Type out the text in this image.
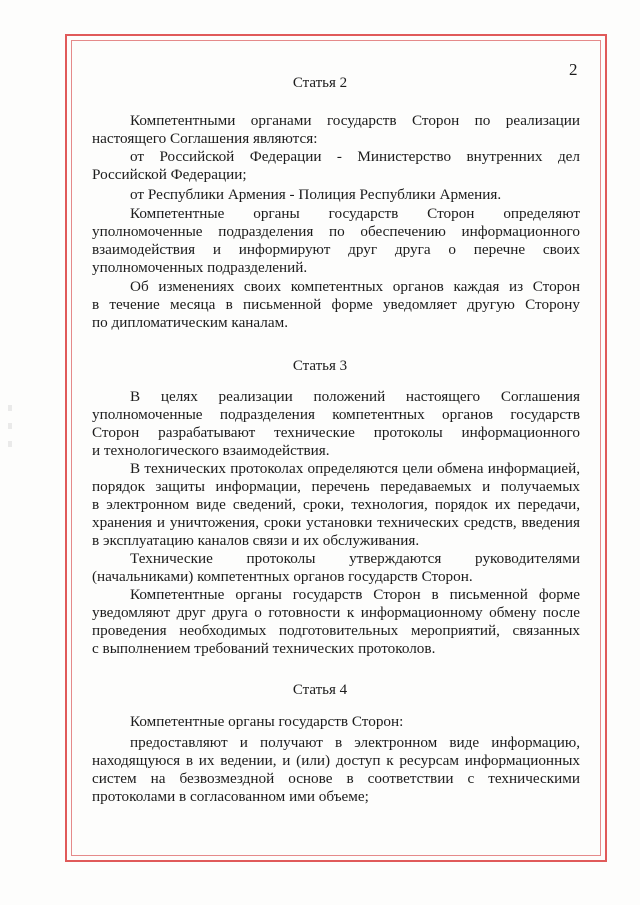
2
Статья 2
Компетентными органами государств Сторон по реализации
настоящего Соглашения являются:
от Российской Федерации - Министерство внутренних дел
Российской Федерации;
от Республики Армения - Полиция Республики Армения.
Компетентные органы государств Сторон определяют
уполномоченные подразделения по обеспечению информационного
взаимодействия и информируют друг друга о перечне своих
уполномоченных подразделений.
Об изменениях своих компетентных органов каждая из Сторон
в течение месяца в письменной форме уведомляет другую Сторону
по дипломатическим каналам.
Статья 3
В целях реализации положений настоящего Соглашения
уполномоченные подразделения компетентных органов государств
Сторон разрабатывают технические протоколы информационного
и технологического взаимодействия.
В технических протоколах определяются цели обмена информацией,
порядок защиты информации, перечень передаваемых и получаемых
в электронном виде сведений, сроки, технология, порядок их передачи,
хранения и уничтожения, сроки установки технических средств, введения
в эксплуатацию каналов связи и их обслуживания.
Технические протоколы утверждаются руководителями
(начальниками) компетентных органов государств Сторон.
Компетентные органы государств Сторон в письменной форме
уведомляют друг друга о готовности к информационному обмену после
проведения необходимых подготовительных мероприятий, связанных
с выполнением требований технических протоколов.
Статья 4
Компетентные органы государств Сторон:
предоставляют и получают в электронном виде информацию,
находящуюся в их ведении, и (или) доступ к ресурсам информационных
систем на безвозмездной основе в соответствии с техническими
протоколами в согласованном ими объеме;
